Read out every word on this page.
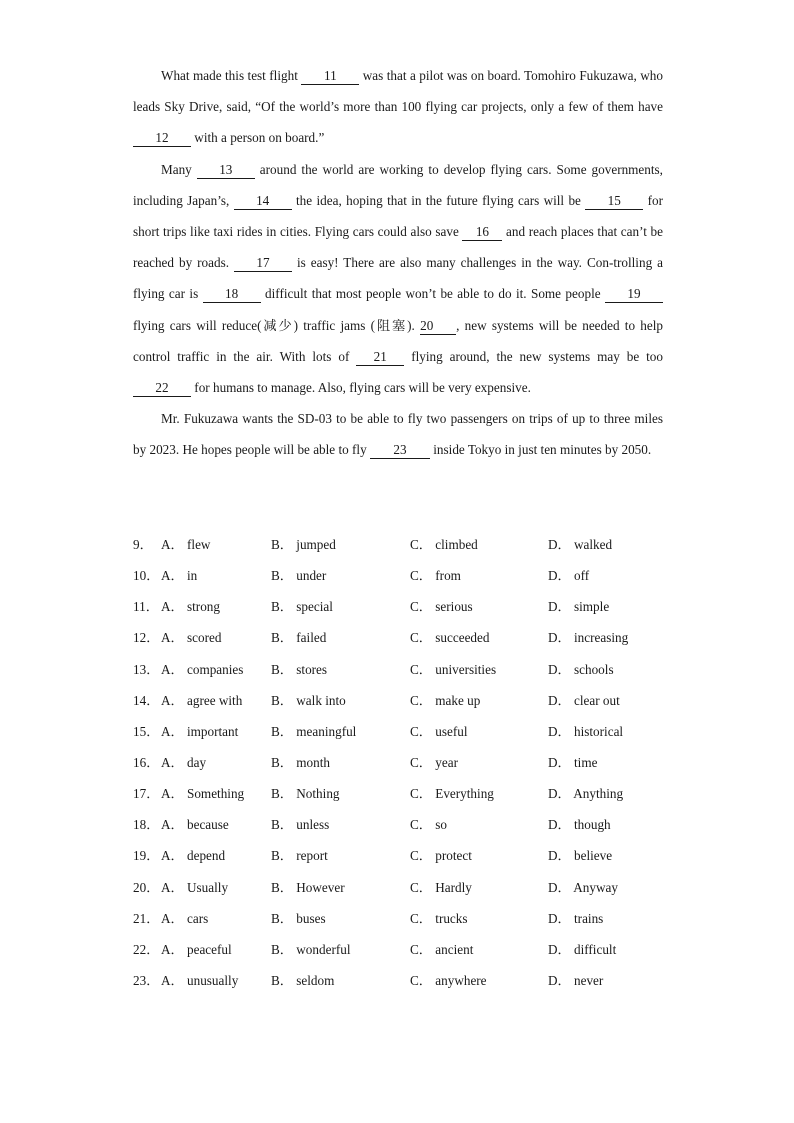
What made this test flight 11 was that a pilot was on board. Tomohiro Fukuzawa, who leads Sky Drive, said, “Of the world’s more than 100 flying car projects, only a few of them have 12 with a person on board.”

Many 13 around the world are working to develop flying cars. Some governments, including Japan’s, 14 the idea, hoping that in the future flying cars will be 15 for short trips like taxi rides in cities. Flying cars could also save 16 and reach places that can’t be reached by roads. 17 is easy! There are also many challenges in the way. Con-trolling a flying car is 18 difficult that most people won’t be able to do it. Some people 19 flying cars will reduce(减少) traffic jams (阻塞). 20 , new systems will be needed to help control traffic in the air. With lots of 21 flying around, the new systems may be too 22 for humans to manage. Also, flying cars will be very expensive.

Mr. Fukuzawa wants the SD-03 to be able to fly two passengers on trips of up to three miles by 2023. He hopes people will be able to fly 23 inside Tokyo in just ten minutes by 2050.

9． A． flew	B． jumped	C． climbed	D． walked
10． A． in	B． under	C． from	D． off
11． A． strong	B． special	C． serious	D． simple
12． A． scored	B． failed	C． succeeded	D． increasing
13． A． companies B． stores	C． universities	D． schools
14． A． agree with B． walk into	C． make up	D． clear out
15． A． important B． meaningful	C． useful	D． historical
16． A． day	B． month	C． year	D． time
17． A． Something B． Nothing	C． Everything	D． Anything
18． A． because	B． unless	C． so	D． though
19． A． depend	B． report	C． protect	D． believe
20． A． Usually	B． However	C． Hardly	D． Anyway
21． A． cars	B． buses	C． trucks	D． trains
22． A． peaceful	B． wonderful	C． ancient	D． difficult
23． A． unusually B． seldom	C． anywhere	D． never
